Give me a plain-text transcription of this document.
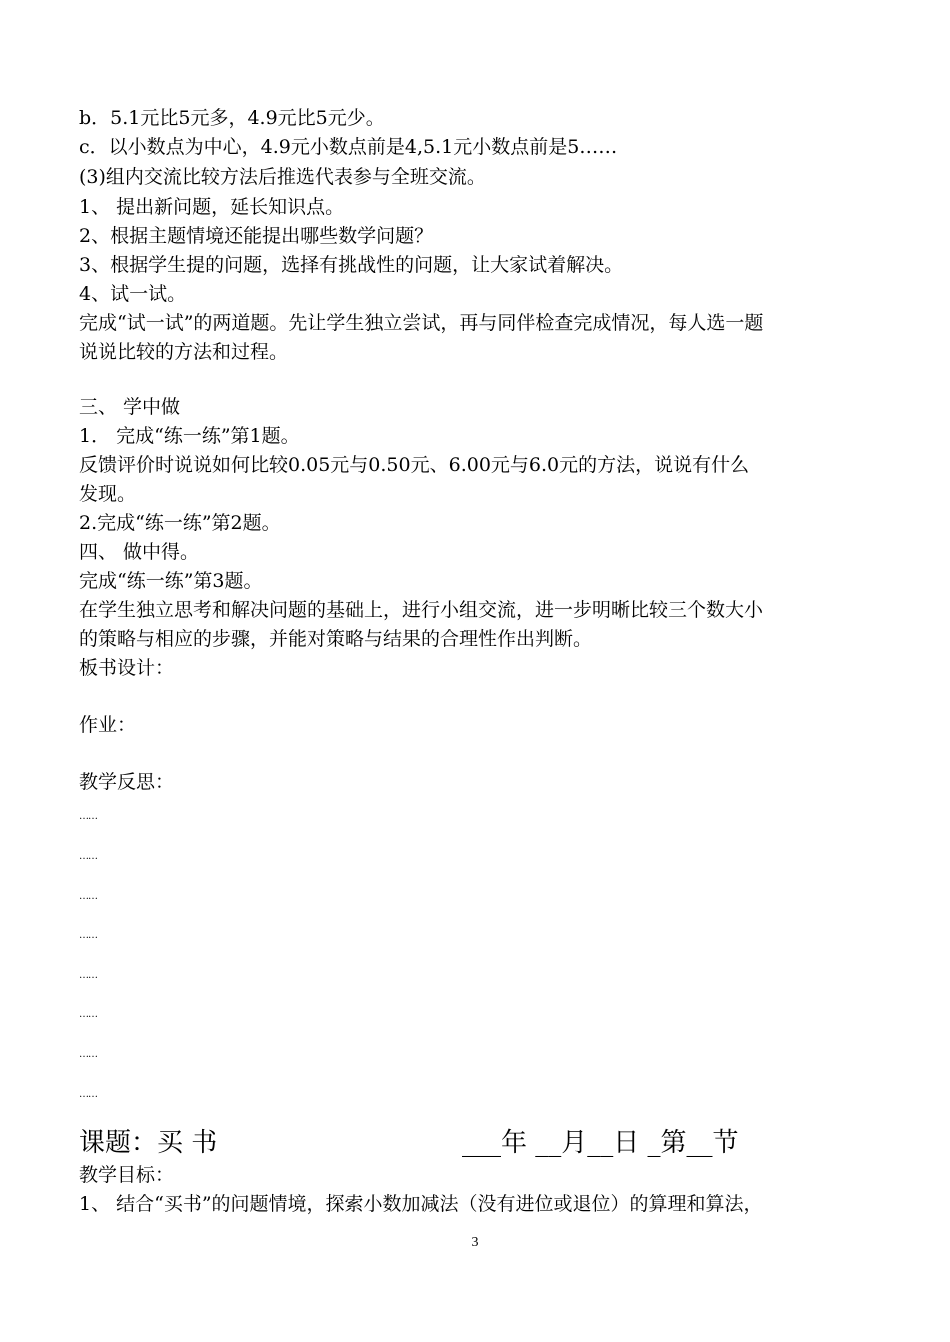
b．5.1元比5元多，4.9元比5元少。
c．以小数点为中心，4.9元小数点前是4,5.1元小数点前是5……
(3)组内交流比较方法后推选代表参与全班交流。
1、 提出新问题，延长知识点。
2、根据主题情境还能提出哪些数学问题？
3、根据学生提的问题，选择有挑战性的问题，让大家试着解决。
4、试一试。
完成“试一试”的两道题。先让学生独立尝试，再与同伴检查完成情况，每人选一题
说说比较的方法和过程。
三、 学中做
1． 完成“练一练”第1题。
反馈评价时说说如何比较0.05元与0.50元、6.00元与6.0元的方法，说说有什么
发现。
2.完成“练一练”第2题。
四、 做中得。
完成“练一练”第3题。
在学生独立思考和解决问题的基础上，进行小组交流，进一步明晰比较三个数大小
的策略与相应的步骤，并能对策略与结果的合理性作出判断。
板书设计：
作业：
教学反思：
……
……
……
……
……
……
……
……
课题：买 书	___年 __月__日 _第__节
教学目标：
1、 结合“买书”的问题情境，探索小数加减法（没有进位或退位）的算理和算法，
3
